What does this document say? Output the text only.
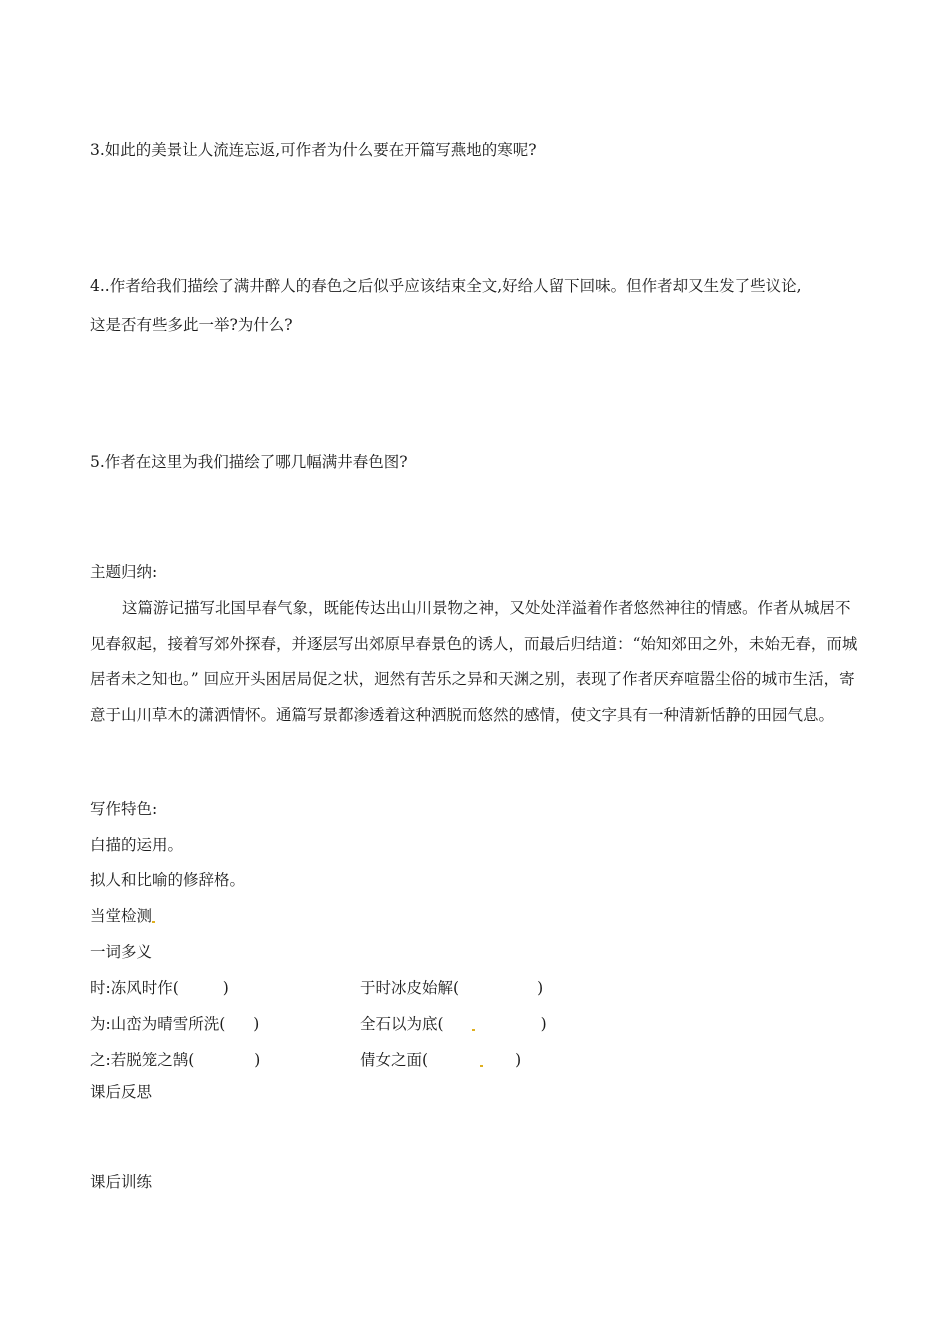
3.如此的美景让人流连忘返,可作者为什么要在开篇写燕地的寒呢?
4..作者给我们描绘了满井醉人的春色之后似乎应该结束全文,好给人留下回味。但作者却又生发了些议论,
这是否有些多此一举?为什么?
5.作者在这里为我们描绘了哪几幅满井春色图?
主题归纳:
这篇游记描写北国早春气象，既能传达出山川景物之神，又处处洋溢着作者悠然神往的情感。作者从城居不见春叙起，接着写郊外探春，并逐层写出郊原早春景色的诱人，而最后归结道：“始知郊田之外，未始无春，而城居者未之知也。” 回应开头困居局促之状，迥然有苦乐之异和天渊之别，表现了作者厌弃喧嚣尘俗的城市生活，寄意于山川草木的潇洒情怀。通篇写景都渗透着这种洒脱而悠然的感情，使文字具有一种清新恬静的田园气息。
写作特色:
白描的运用。
拟人和比喻的修辞格。
当堂检测
一词多义
时:冻风时作(	)	于时冰皮始解(	)
为:山峦为晴雪所洗( )	全石以为底(	)
之:若脱笼之鹄(	)	倩女之面(	)
课后反思
课后训练
